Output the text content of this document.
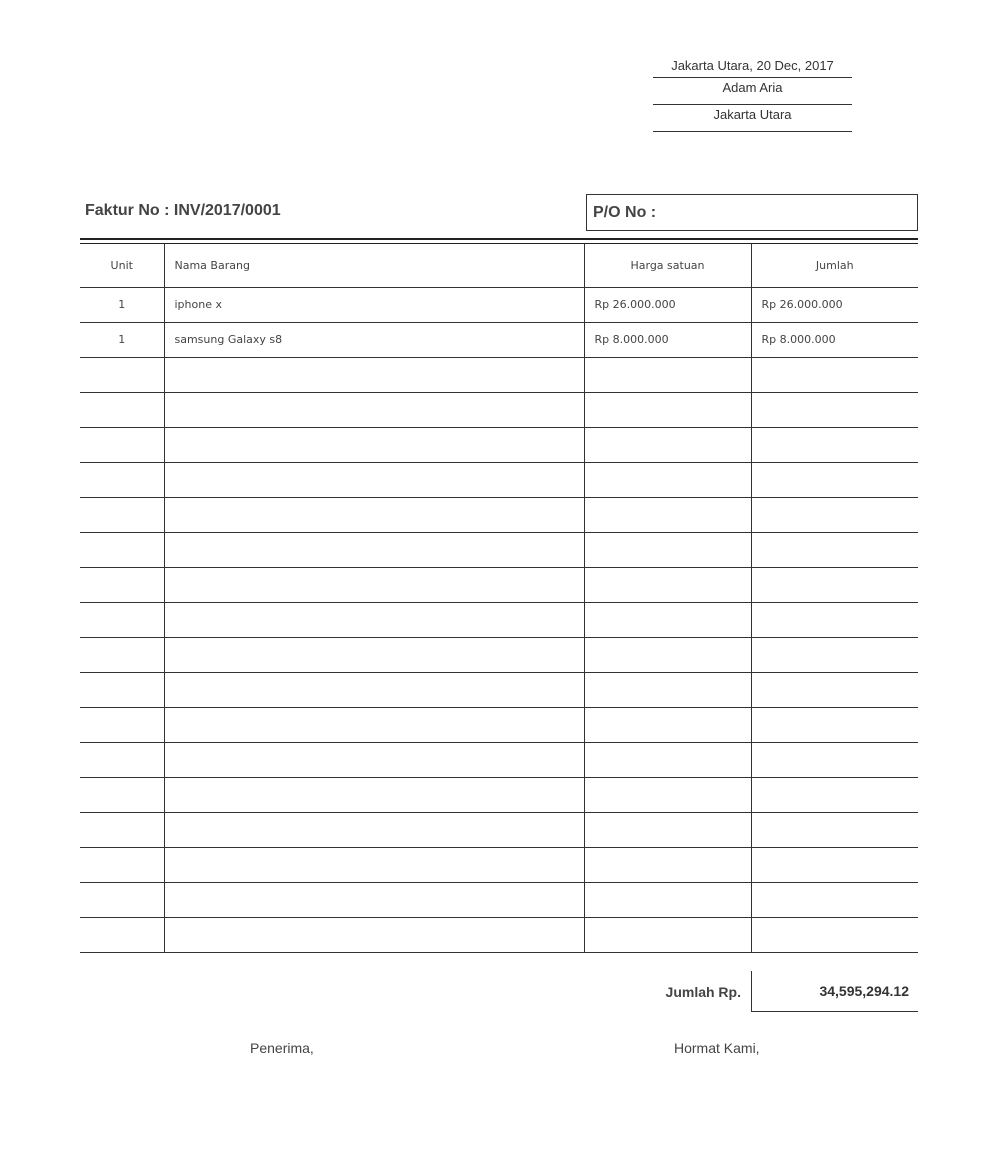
Jakarta Utara, 20 Dec, 2017
Adam Aria
Jakarta Utara
Faktur No : INV/2017/0001	P/O No :
Unit	Nama Barang	Harga satuan	Jumlah
1	iphone x	Rp 26.000.000	Rp 26.000.000
1	samsung Galaxy s8	Rp 8.000.000	Rp 8.000.000

Jumlah Rp.	34,595,294.12
Penerima,	Hormat Kami,
